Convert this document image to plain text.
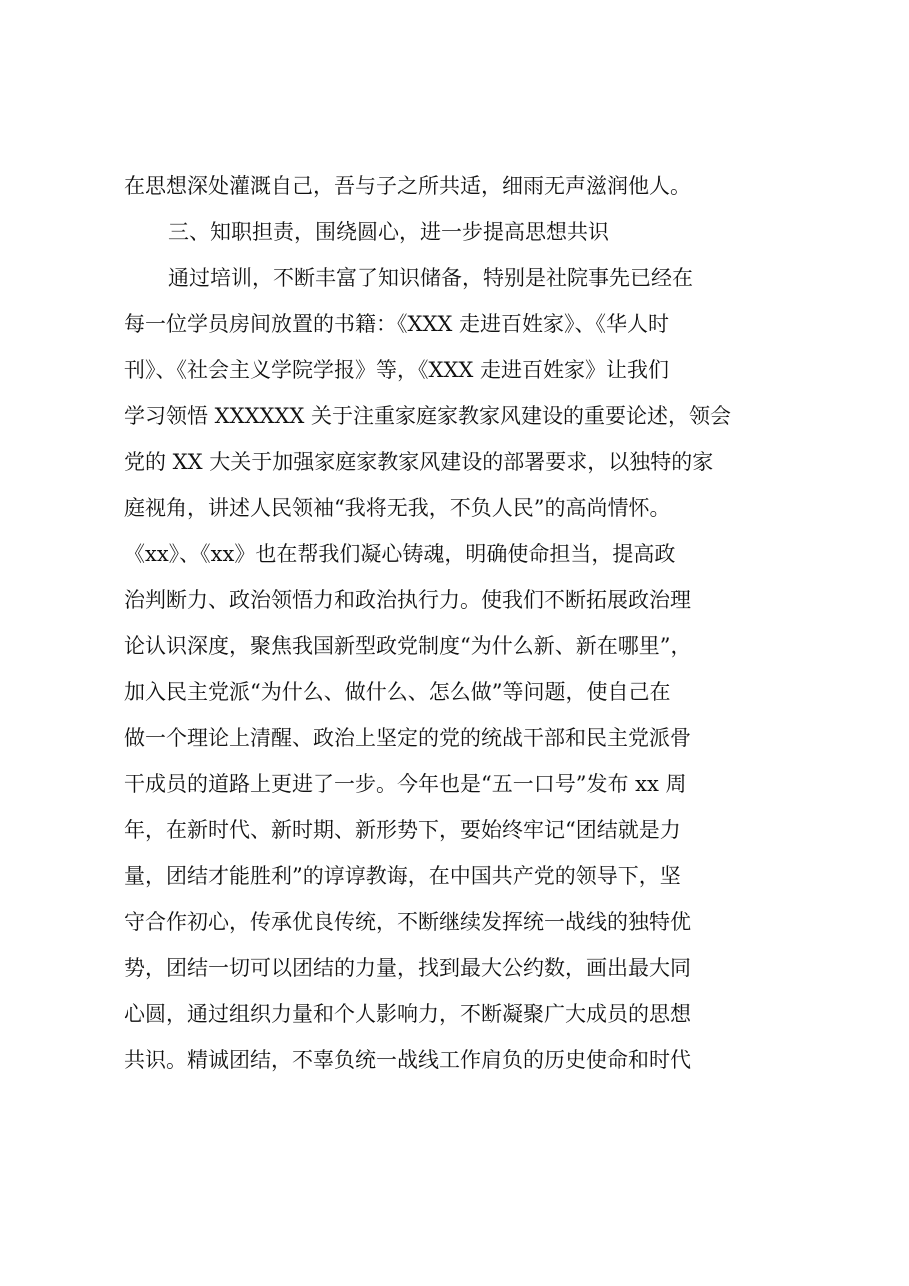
在思想深处灌溉自己，吾与子之所共适，细雨无声滋润他人。
三、知职担责，围绕圆心，进一步提高思想共识
通过培训，不断丰富了知识储备，特别是社院事先已经在
每一位学员房间放置的书籍：《XXX 走进百姓家》、《华人时
刊》、《社会主义学院学报》等，《XXX 走进百姓家》让我们
学习领悟 XXXXXX 关于注重家庭家教家风建设的重要论述，领会
党的 XX 大关于加强家庭家教家风建设的部署要求，以独特的家
庭视角，讲述人民领袖“我将无我，不负人民”的高尚情怀。
《xx》、《xx》也在帮我们凝心铸魂，明确使命担当，提高政
治判断力、政治领悟力和政治执行力。使我们不断拓展政治理
论认识深度，聚焦我国新型政党制度“为什么新、新在哪里”，
加入民主党派“为什么、做什么、怎么做”等问题，使自己在
做一个理论上清醒、政治上坚定的党的统战干部和民主党派骨
干成员的道路上更进了一步。今年也是“五一口号”发布 xx 周
年，在新时代、新时期、新形势下，要始终牢记“团结就是力
量，团结才能胜利”的谆谆教诲，在中国共产党的领导下，坚
守合作初心，传承优良传统，不断继续发挥统一战线的独特优
势，团结一切可以团结的力量，找到最大公约数，画出最大同
心圆，通过组织力量和个人影响力，不断凝聚广大成员的思想
共识。精诚团结，不辜负统一战线工作肩负的历史使命和时代
